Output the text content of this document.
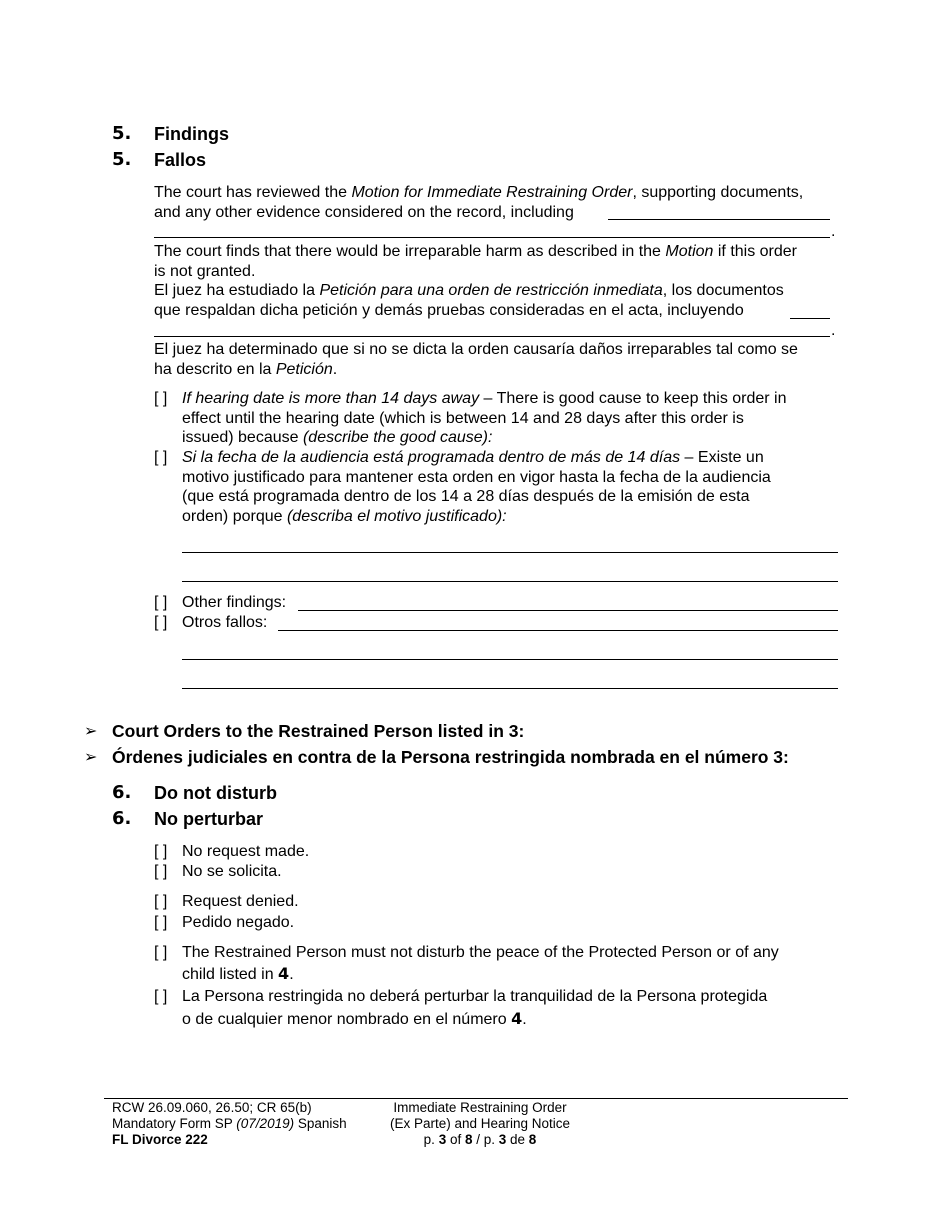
5. Findings
5. Fallos
The court has reviewed the Motion for Immediate Restraining Order, supporting documents,
and any other evidence considered on the record, including
.
The court finds that there would be irreparable harm as described in the Motion if this order
is not granted.
El juez ha estudiado la Petición para una orden de restricción inmediata, los documentos
que respaldan dicha petición y demás pruebas consideradas en el acta, incluyendo
.
El juez ha determinado que si no se dicta la orden causaría daños irreparables tal como se
ha descrito en la Petición.
[ ] If hearing date is more than 14 days away – There is good cause to keep this order in
effect until the hearing date (which is between 14 and 28 days after this order is
issued) because (describe the good cause):
[ ] Si la fecha de la audiencia está programada dentro de más de 14 días – Existe un
motivo justificado para mantener esta orden en vigor hasta la fecha de la audiencia
(que está programada dentro de los 14 a 28 días después de la emisión de esta
orden) porque (describa el motivo justificado):
[ ] Other findings:
[ ] Otros fallos:
➢ Court Orders to the Restrained Person listed in 3:
➢ Órdenes judiciales en contra de la Persona restringida nombrada en el número 3:
6. Do not disturb
6. No perturbar
[ ] No request made.
[ ] No se solicita.
[ ] Request denied.
[ ] Pedido negado.
[ ] The Restrained Person must not disturb the peace of the Protected Person or of any
child listed in 4.
[ ] La Persona restringida no deberá perturbar la tranquilidad de la Persona protegida
o de cualquier menor nombrado en el número 4.
RCW 26.09.060, 26.50; CR 65(b)
Mandatory Form SP (07/2019) Spanish
FL Divorce 222
Immediate Restraining Order
(Ex Parte) and Hearing Notice
p. 3 of 8 / p. 3 de 8
